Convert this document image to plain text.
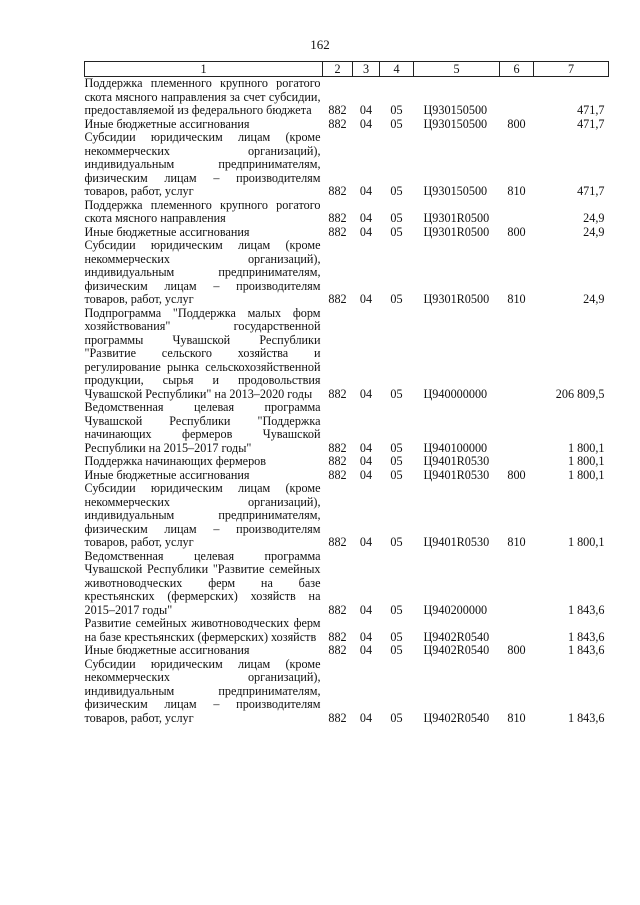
162
1	2	3	4	5	6	7
Поддержка племенного крупного рогатого скота мясного направления за счет субсидии, предоставляемой из федерального бюджета	882	04	05	Ц930150500		471,7
Иные бюджетные ассигнования	882	04	05	Ц930150500	800	471,7
Субсидии юридическим лицам (кроме некоммерческих организаций), индивидуальным предпринимателям, физическим лицам – производителям товаров, работ, услуг	882	04	05	Ц930150500	810	471,7
Поддержка племенного крупного рогатого скота мясного направления	882	04	05	Ц9301R0500		24,9
Иные бюджетные ассигнования	882	04	05	Ц9301R0500	800	24,9
Субсидии юридическим лицам (кроме некоммерческих организаций), индивидуальным предпринимателям, физическим лицам – производителям товаров, работ, услуг	882	04	05	Ц9301R0500	810	24,9
Подпрограмма "Поддержка малых форм хозяйствования" государственной программы Чувашской Республики "Развитие сельского хозяйства и регулирование рынка сельскохозяйственной продукции, сырья и продовольствия Чувашской Республики" на 2013–2020 годы	882	04	05	Ц940000000		206 809,5
Ведомственная целевая программа Чувашской Республики "Поддержка начинающих фермеров Чувашской Республики на 2015–2017 годы"	882	04	05	Ц940100000		1 800,1
Поддержка начинающих фермеров	882	04	05	Ц9401R0530		1 800,1
Иные бюджетные ассигнования	882	04	05	Ц9401R0530	800	1 800,1
Субсидии юридическим лицам (кроме некоммерческих организаций), индивидуальным предпринимателям, физическим лицам – производителям товаров, работ, услуг	882	04	05	Ц9401R0530	810	1 800,1
Ведомственная целевая программа Чувашской Республики "Развитие семейных животноводческих ферм на базе крестьянских (фермерских) хозяйств на 2015–2017 годы"	882	04	05	Ц940200000		1 843,6
Развитие семейных животноводческих ферм на базе крестьянских (фермерских) хозяйств	882	04	05	Ц9402R0540		1 843,6
Иные бюджетные ассигнования	882	04	05	Ц9402R0540	800	1 843,6
Субсидии юридическим лицам (кроме некоммерческих организаций), индивидуальным предпринимателям, физическим лицам – производителям товаров, работ, услуг	882	04	05	Ц9402R0540	810	1 843,6
